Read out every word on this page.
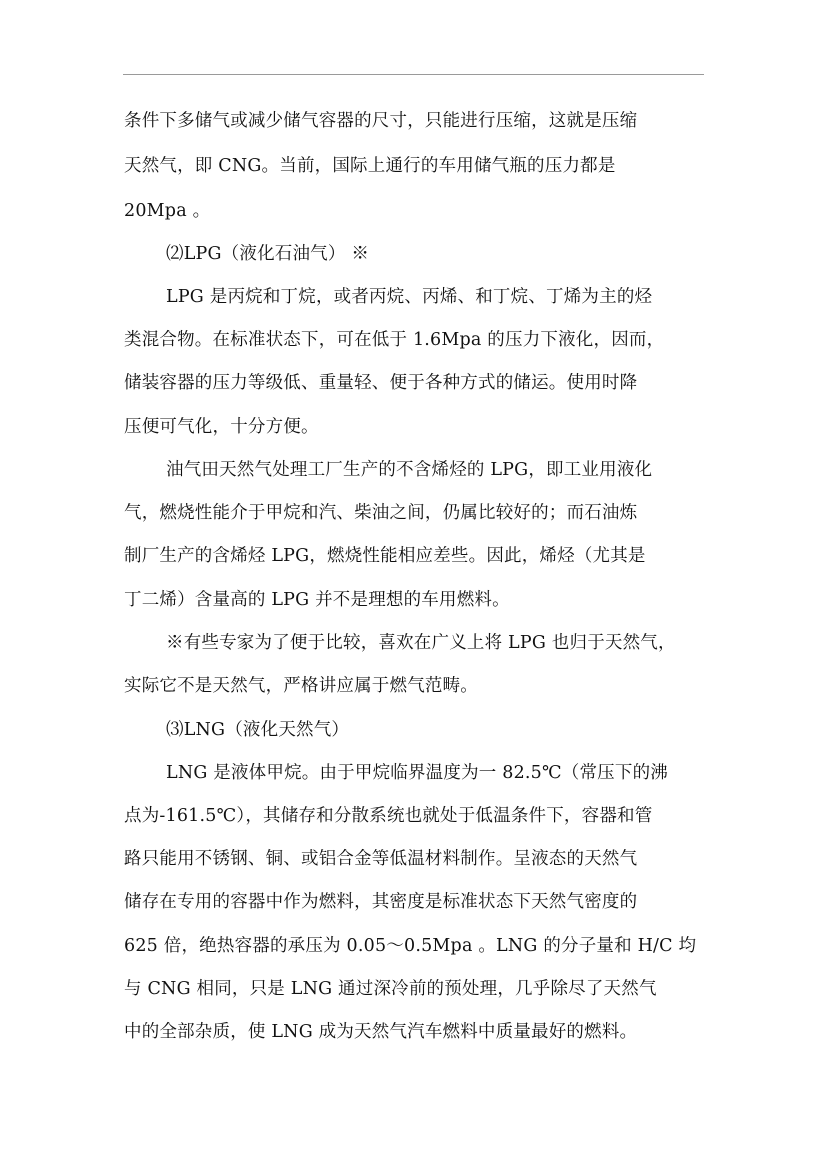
条件下多储气或减少储气容器的尺寸，只能进行压缩，这就是压缩
天然气，即 CNG。当前，国际上通行的车用储气瓶的压力都是
20Mpa 。
⑵LPG（液化石油气） ※
LPG 是丙烷和丁烷，或者丙烷、丙烯、和丁烷、丁烯为主的烃
类混合物。在标准状态下，可在低于 1.6Mpa 的压力下液化，因而，
储装容器的压力等级低、重量轻、便于各种方式的储运。使用时降
压便可气化，十分方便。
油气田天然气处理工厂生产的不含烯烃的 LPG，即工业用液化
气，燃烧性能介于甲烷和汽、柴油之间，仍属比较好的；而石油炼
制厂生产的含烯烃 LPG，燃烧性能相应差些。因此，烯烃（尤其是
丁二烯）含量高的 LPG 并不是理想的车用燃料。
※有些专家为了便于比较，喜欢在广义上将 LPG 也归于天然气，
实际它不是天然气，严格讲应属于燃气范畴。
⑶LNG（液化天然气）
LNG 是液体甲烷。由于甲烷临界温度为一 82.5℃（常压下的沸
点为-161.5℃），其储存和分散系统也就处于低温条件下，容器和管
路只能用不锈钢、铜、或铝合金等低温材料制作。呈液态的天然气
储存在专用的容器中作为燃料，其密度是标准状态下天然气密度的
625 倍，绝热容器的承压为 0.05～0.5Mpa 。LNG 的分子量和 H/C 均
与 CNG 相同，只是 LNG 通过深冷前的预处理，几乎除尽了天然气
中的全部杂质，使 LNG 成为天然气汽车燃料中质量最好的燃料。
